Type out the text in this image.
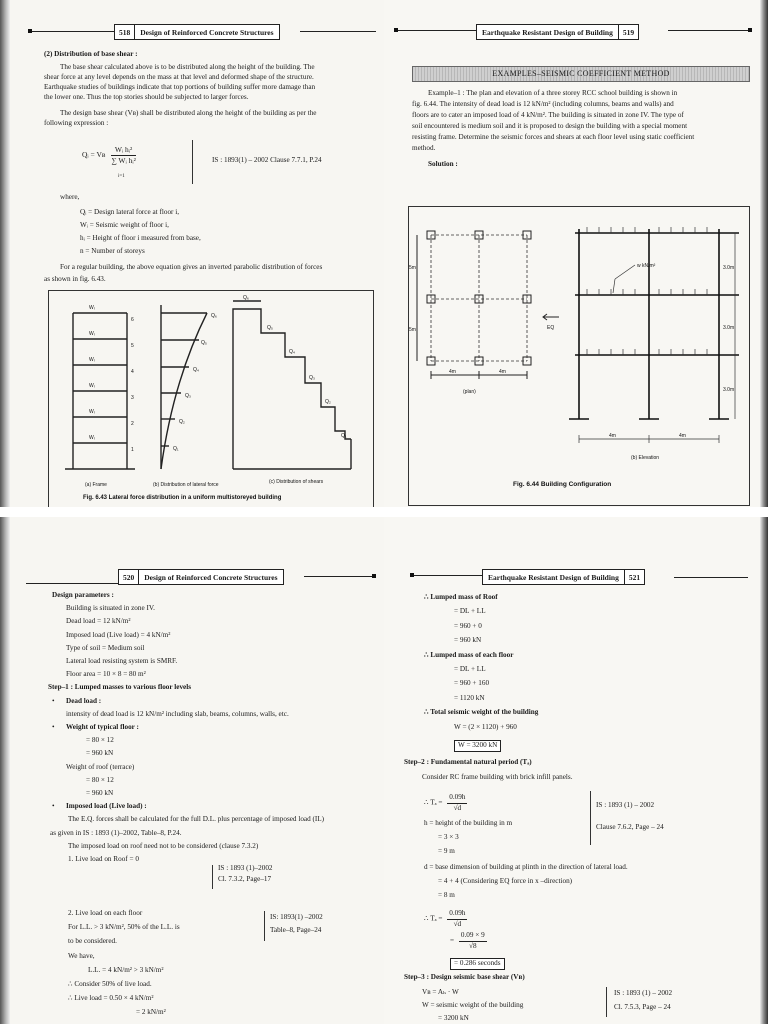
518	Design of Reinforced Concrete Structures
(2) Distribution of base shear :
The base shear calculated above is to be distributed along the height of the building. The
shear force at any level depends on the mass at that level and deformed shape of the structure.
Earthquake studies of buildings indicate that top portions of building suffer more damage than
the lower one. Thus the top stories should be subjected to larger forces.
The design base shear (Vʙ) shall be distributed along the height of the building as per the
following expression :
Qᵢ = Vʙ $\frac{\text{Wᵢ hᵢ²}}{\text{∑ Wᵢ hᵢ²}}$
i=1
IS : 1893(1) – 2002 Clause 7.7.1, P.24
where,
Qᵢ = Design lateral force at floor i,
Wᵢ = Seismic weight of floor i,
hᵢ = Height of floor i measured from base,
n = Number of storeys
For a regular building, the above equation gives an inverted parabolic distribution of forces
as shown in fig. 6.43.
Wᵣ
Wᵣ
Wᵣ
Wᵣ
Wᵣ
Wᵣ
6
5
4
3
2
1
Q₆
Q₅
Q₄
Q₃
Q₂
Q₁
Q₆
Q₅
Q₄
Q₃
Q₂
Q₁
(a) Frame	(b) Distribution of lateral force	(c) Distribution of shears
Fig. 6.43 Lateral force distribution in a uniform multistoreyed building
Earthquake Resistant Design of Building	519
EXAMPLES–SEISMIC COEFFICIENT METHOD
Example–1 : The plan and elevation of a three storey RCC school building is shown in
fig. 6.44. The intensity of dead load is 12 kN/m² (including columns, beams and walls) and
floors are to cater an imposed load of 4 kN/m². The building is situated in zone IV. The type of
soil encountered is medium soil and it is proposed to design the building with a special moment
resisting frame. Determine the seismic forces and shears at each floor level using static coefficient
method.
Solution :
5m
5m
4m	4m
(plan)
EQ
w kN/m²	3.0m
3.0m
3.0m
4m	4m
(b) Elevation
Fig. 6.44 Building Configuration
520	Design of Reinforced Concrete Structures
Design parameters :
Building is situated in zone IV.
Dead load = 12 kN/m²
Imposed load (Live load) = 4 kN/m²
Type of soil = Medium soil
Lateral load resisting system is SMRF.
Floor area = 10 × 8 = 80 m²
Step–1 : Lumped masses to various floor levels
Dead load :
•
intensity of dead load is 12 kN/m² including slab, beams, columns, walls, etc.
Weight of typical floor :
•
= 80 × 12
= 960 kN
Weight of roof (terrace)
= 80 × 12
= 960 kN
Imposed load (Live load) :
•
The E.Q. forces shall be calculated for the full D.L. plus percentage of imposed load (IL)
as given in IS : 1893 (1)–2002, Table–8, P.24.
The imposed load on roof need not to be considered (clause 7.3.2)
1. Live load on Roof = 0
IS : 1893 (1)–2002
Cl. 7.3.2, Page–17
2. Live load on each floor
For L.L. > 3 kN/m², 50% of the L.L. is
to be considered.
We have,
L.L. = 4 kN/m² > 3 kN/m²
∴ Consider 50% of live load.
∴ Live load = 0.50 × 4 kN/m²
= 2 kN/m²
IS: 1893(1) –2002
Table–8, Page–24
Earthquake Resistant Design of Building	521
∴ Lumped mass of Roof
= DL + LL
= 960 + 0
= 960 kN
∴ Lumped mass of each floor
= DL + LL
= 960 + 160
= 1120 kN
∴ Total seismic weight of the building
W = (2 × 1120) + 960
W = 3200 kN
Step–2 : Fundamental natural period (Tₐ)
Consider RC frame building with brick infill panels.
∴ $T_a = \frac{0.09h}{√d}$	IS : 1893 (1) – 2002
Clause 7.6.2, Page – 24
h = height of the building in m
= 3 × 3
= 9 m
d = base dimension of building at plinth in the direction of lateral load.
= 4 + 4 (Considering EQ force in x –direction)
= 8 m
∴ $T_a = \frac{0.09h}{√d}$
= $\frac{0.09 \times 9}{√8}$
= 0.286 seconds
Step–3 : Design seismic base shear (Vʙ)
Vʙ = Aₕ · W
W = seismic weight of the building
= 3200 kN
IS : 1893 (1) – 2002
Cl. 7.5.3, Page – 24
